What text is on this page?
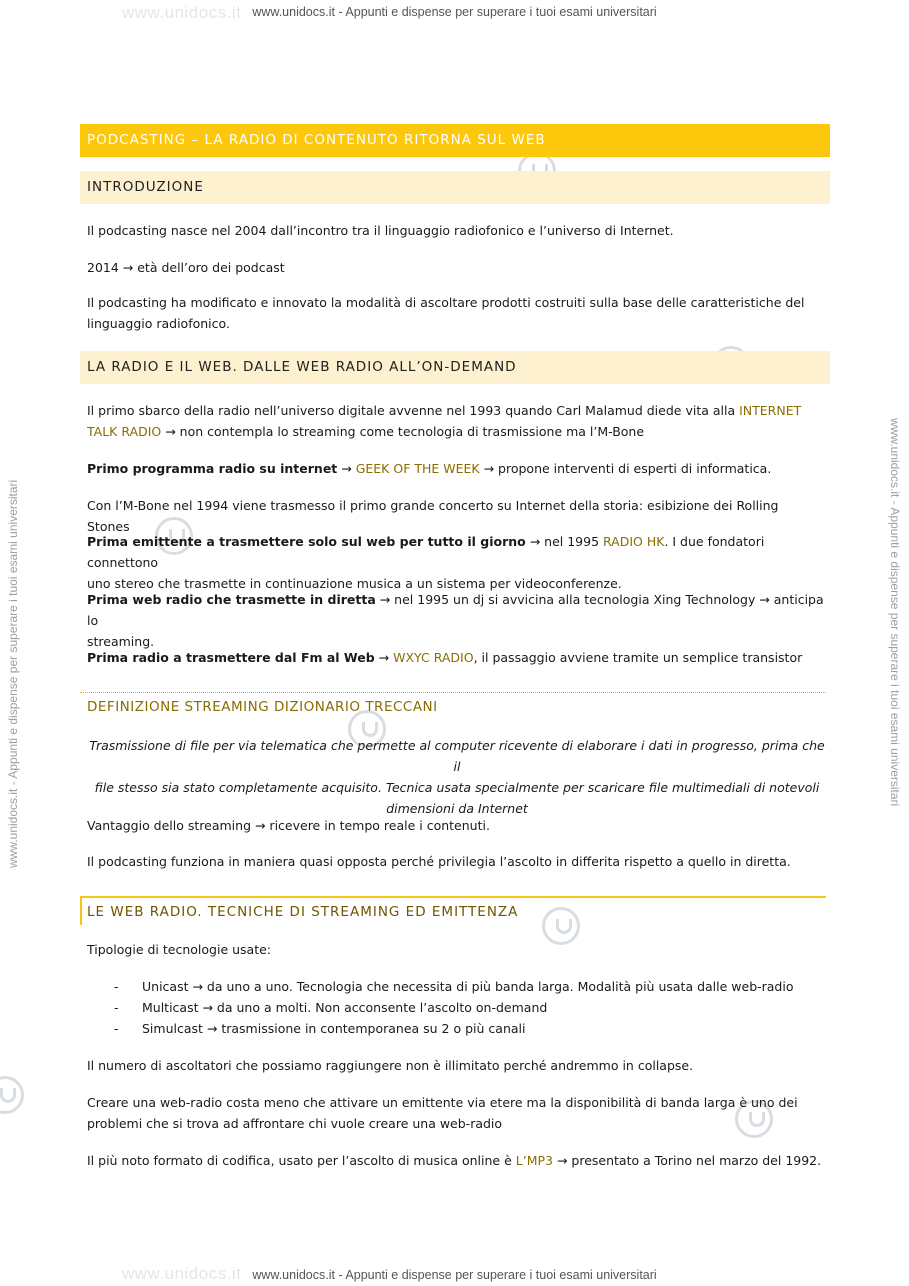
www.unidocs.it www.unidocs.it - Appunti e dispense per superare i tuoi esami universitari
www.unidocs.it www.unidocs.it - Appunti e dispense per superare i tuoi esami universitari
www.unidocs.it - Appunti e dispense per superare i tuoi esami universitari	www.unidocs.it - Appunti e dispense per superare i tuoi esami universitari
PODCASTING – LA RADIO DI CONTENUTO RITORNA SUL WEB
INTRODUZIONE
Il podcasting nasce nel 2004 dall’incontro tra il linguaggio radiofonico e l’universo di Internet.
2014 → età dell’oro dei podcast
Il podcasting ha modificato e innovato la modalità di ascoltare prodotti costruiti sulla base delle caratteristiche del
linguaggio radiofonico.
LA RADIO E IL WEB. DALLE WEB RADIO ALL’ON-DEMAND
Il primo sbarco della radio nell’universo digitale avvenne nel 1993 quando Carl Malamud diede vita alla INTERNET
TALK RADIO → non contempla lo streaming come tecnologia di trasmissione ma l’M-Bone
Primo programma radio su internet → GEEK OF THE WEEK → propone interventi di esperti di informatica.
Con l’M-Bone nel 1994 viene trasmesso il primo grande concerto su Internet della storia: esibizione dei Rolling Stones
Prima emittente a trasmettere solo sul web per tutto il giorno → nel 1995 RADIO HK. I due fondatori connettono
uno stereo che trasmette in continuazione musica a un sistema per videoconferenze.
Prima web radio che trasmette in diretta → nel 1995 un dj si avvicina alla tecnologia Xing Technology → anticipa lo
streaming.
Prima radio a trasmettere dal Fm al Web → WXYC RADIO, il passaggio avviene tramite un semplice transistor
DEFINIZIONE STREAMING DIZIONARIO TRECCANI
Trasmissione di file per via telematica che permette al computer ricevente di elaborare i dati in progresso, prima che il
file stesso sia stato completamente acquisito. Tecnica usata specialmente per scaricare file multimediali di notevoli
dimensioni da Internet
Vantaggio dello streaming → ricevere in tempo reale i contenuti.
Il podcasting funziona in maniera quasi opposta perché privilegia l’ascolto in differita rispetto a quello in diretta.
LE WEB RADIO. TECNICHE DI STREAMING ED EMITTENZA
Tipologie di tecnologie usate:
- Unicast → da uno a uno. Tecnologia che necessita di più banda larga. Modalità più usata dalle web-radio
- Multicast → da uno a molti. Non acconsente l’ascolto on-demand
- Simulcast → trasmissione in contemporanea su 2 o più canali
Il numero di ascoltatori che possiamo raggiungere non è illimitato perché andremmo in collapse.
Creare una web-radio costa meno che attivare un emittente via etere ma la disponibilità di banda larga è uno dei
problemi che si trova ad affrontare chi vuole creare una web-radio
Il più noto formato di codifica, usato per l’ascolto di musica online è L’MP3 → presentato a Torino nel marzo del 1992.
